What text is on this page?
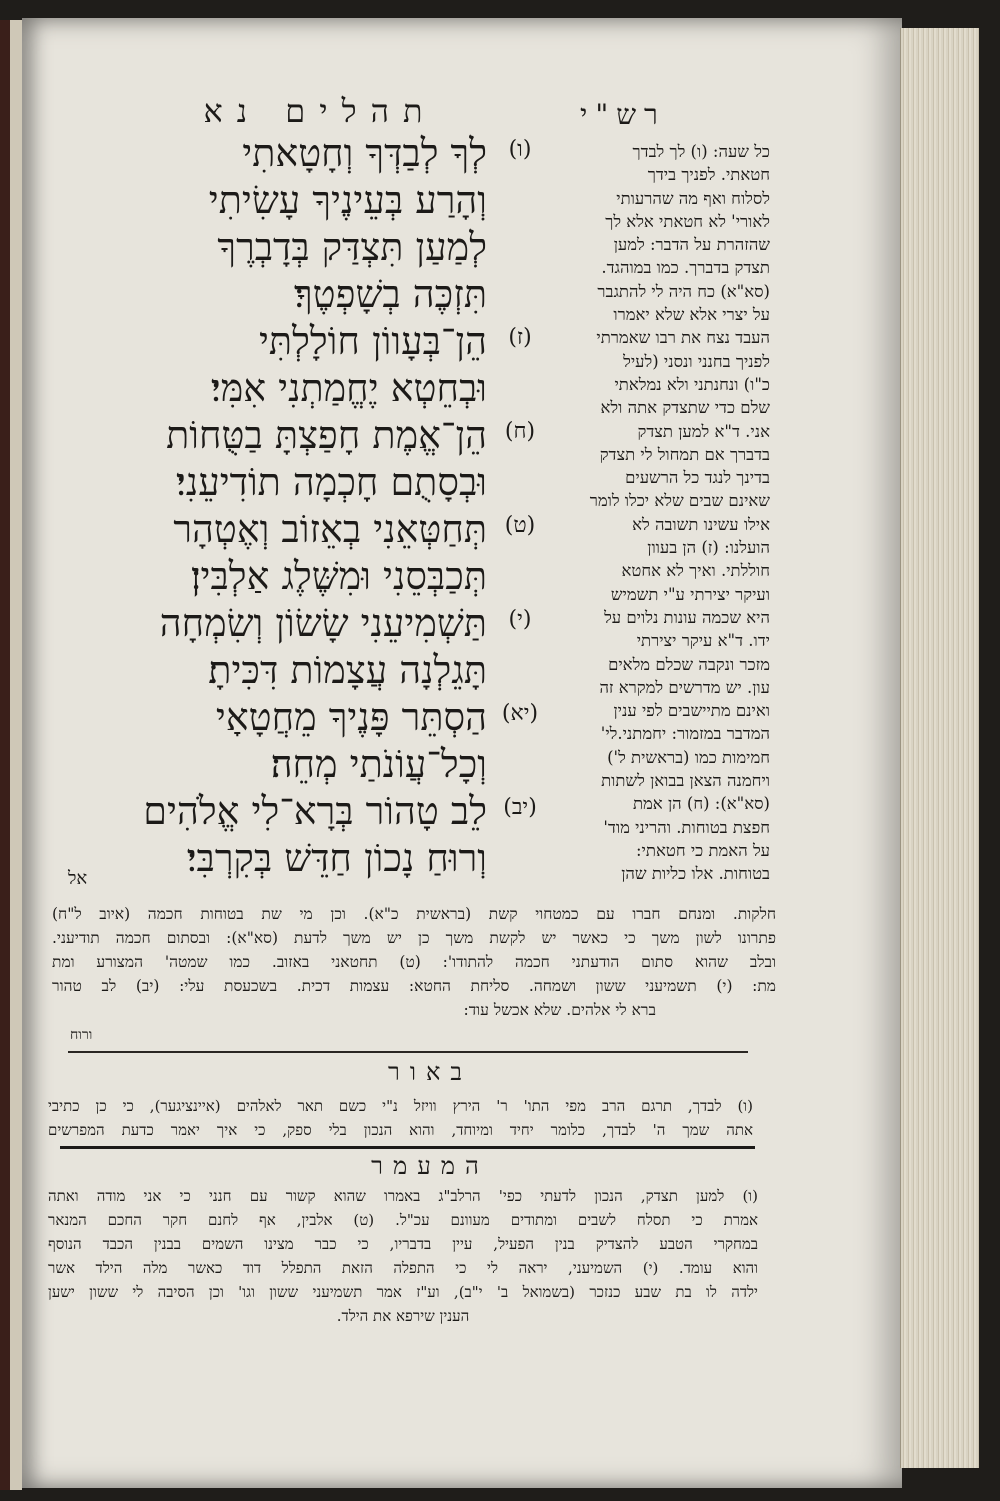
תהלים נא	רש"י
(ו)
לְךָ לְבַדְּךָ וְחָטָאתִי
וְהָרַע בְּעֵינֶיךָ עָשִׂיתִי
לְמַעַן תִּצְדַּק בְּדָבְרֶךָ
תִּזְכֶּה בְשָׁפְטֶךָ׃
(ז)
הֵן־בְּעָווֹן חוֹלָלְתִּי
וּבְחֵטְא יֶחֱמַתְנִי אִמִּי׃
(ח)
הֵן־אֱמֶת חָפַצְתָּ בַטֻּחוֹת
וּבְסָתֻם חָכְמָה תוֹדִיעֵנִי׃
(ט)
תְּחַטְּאֵנִי בְאֵזוֹב וְאֶטְהָר
תְּכַבְּסֵנִי וּמִשֶּׁלֶג אַלְבִּין׃
(י)
תַּשְׁמִיעֵנִי שָׂשׂוֹן וְשִׂמְחָה
תָּגֵלְנָה עֲצָמוֹת דִּכִּיתָ׃
(יא)
הַסְתֵּר פָּנֶיךָ מֵחֲטָאָי
וְכָל־עֲוֹנֹתַי מְחֵה׃
(יב)
לֵב טָהוֹר בְּרָא־לִי אֱלֹהִים
וְרוּחַ נָכוֹן חַדֵּשׁ בְּקִרְבִּי׃
כל שעה: (ו) לך לבדך
חטאתי. לפניך בידך
לסלוח ואף מה שהרעותי
לאורי' לא חטאתי אלא לך
שהזהרת על הדבר: למען
תצדק בדברך. כמו במוהגד.
(סא"א) כח היה לי להתגבר
על יצרי אלא שלא יאמרו
העבד נצח את רבו שאמרתי
לפניך בחנני ונסני (לעיל
כ"ו) ונחנתני ולא נמלאתי
שלם כדי שתצדק אתה ולא
אני. ד"א למען תצדק
בדברך אם תמחול לי תצדק
בדינך לנגד כל הרשעים
שאינם שבים שלא יכלו לומר
אילו עשינו תשובה לא
הועלנו: (ז) הן בעוון
חוללתי. ואיך לא אחטא
ועיקר יצירתי ע"י תשמיש
היא שכמה עונות נלוים על
ידו. ד"א עיקר יצירתי
מזכר ונקבה שכלם מלאים
עון. יש מדרשים למקרא זה
ואינם מתיישבים לפי ענין
המדבר במזמור: יחמתני.לי'
חמימות כמו (בראשית ל')
ויחמנה הצאן בבואן לשתות
(סא"א): (ח) הן אמת
חפצת בטוחות. והריני מוד'
על האמת כי חטאתי:
בטוחות. אלו כליות שהן
אל
חלקות. ומנחם חברו עם כמטחוי קשת (בראשית כ"א). וכן מי שת בטוחות חכמה (איוב ל"ח)
פתרונו לשון משך כי כאשר יש לקשת משך כן יש משך לדעת (סא"א): ובסתום חכמה תודיעני.
ובלב שהוא סתום הודעתני חכמה להתודו': (ט) תחטאני באזוב. כמו שמטה' המצורע ומת
מת: (י) תשמיעני ששון ושמחה. סליחת החטא: עצמות דכית. בשכעסת עלי: (יב) לב טהור
ברא לי אלהים. שלא אכשל עוד:
ורוח
באור
(ו) לבדך, תרגם הרב מפי התו' ר' הירץ וויזל נ"י כשם תאר לאלהים (איינציגער), כי כן כתיבי
אתה שמך ה' לבדך, כלומר יחיד ומיוחד, והוא הנכון בלי ספק, כי איך יאמר כדעת המפרשים
המעמר
(ו) למען תצדק, הנכון לדעתי כפי' הרלב"ג באמרו שהוא קשור עם חנני כי אני מודה ואתה
אמרת כי תסלח לשבים ומתודים מעוונם עכ"ל. (ט) אלבין, אף לחנם חקר החכם המנאר
במחקרי הטבע להצדיק בנין הפעיל, עיין בדבריו, כי כבר מצינו השמים בבנין הכבד הנוסף
והוא עומד. (י) השמיעני, יראה לי כי התפלה הזאת התפלל דוד כאשר מלה הילד אשר
ילדה לו בת שבע כנזכר (בשמואל ב' י"ב), וע"ז אמר תשמיעני ששון וגו' וכן הסיבה לי ששון ישען
הענין שירפא את הילד.
